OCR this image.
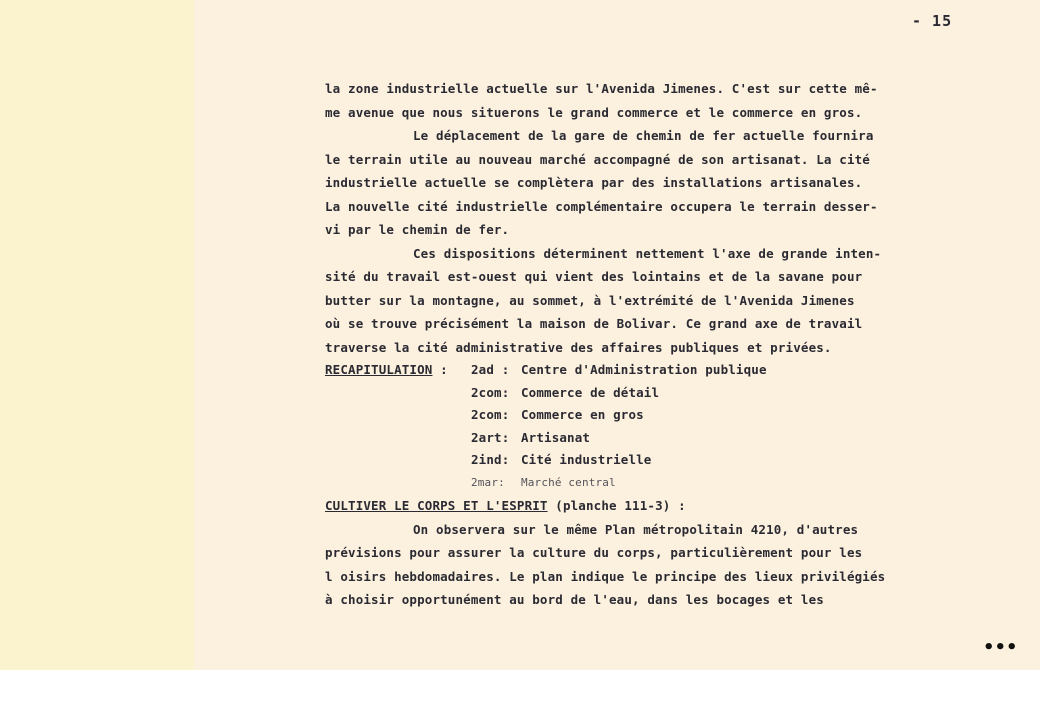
- 15
la zone industrielle actuelle sur l'Avenida Jimenes. C'est sur cette mê-
me avenue que nous situerons le grand commerce et le commerce en gros.
Le déplacement de la gare de chemin de fer actuelle fournira
le terrain utile au nouveau marché accompagné de son artisanat. La cité
industrielle actuelle se complètera par des installations artisanales.
La nouvelle cité industrielle complémentaire occupera le terrain desser-
vi par le chemin de fer.
Ces dispositions déterminent nettement l'axe de grande inten-
sité du travail est-ouest qui vient des lointains et de la savane pour
butter sur la montagne, au sommet, à l'extrémité de l'Avenida Jimenes
où se trouve précisément la maison de Bolivar. Ce grand axe de travail
traverse la cité administrative des affaires publiques et privées.
RECAPITULATION :	2ad : Centre d'Administration publique
2com: Commerce de détail
2com: Commerce en gros
2art: Artisanat
2ind: Cité industrielle
2mar:	Marché central
CULTIVER LE CORPS ET L'ESPRIT (planche 111-3) :
On observera sur le même Plan métropolitain 4210, d'autres
prévisions pour assurer la culture du corps, particulièrement pour les
l oisirs hebdomadaires. Le plan indique le principe des lieux privilégiés
à choisir opportunément au bord de l'eau, dans les bocages et les
•••
